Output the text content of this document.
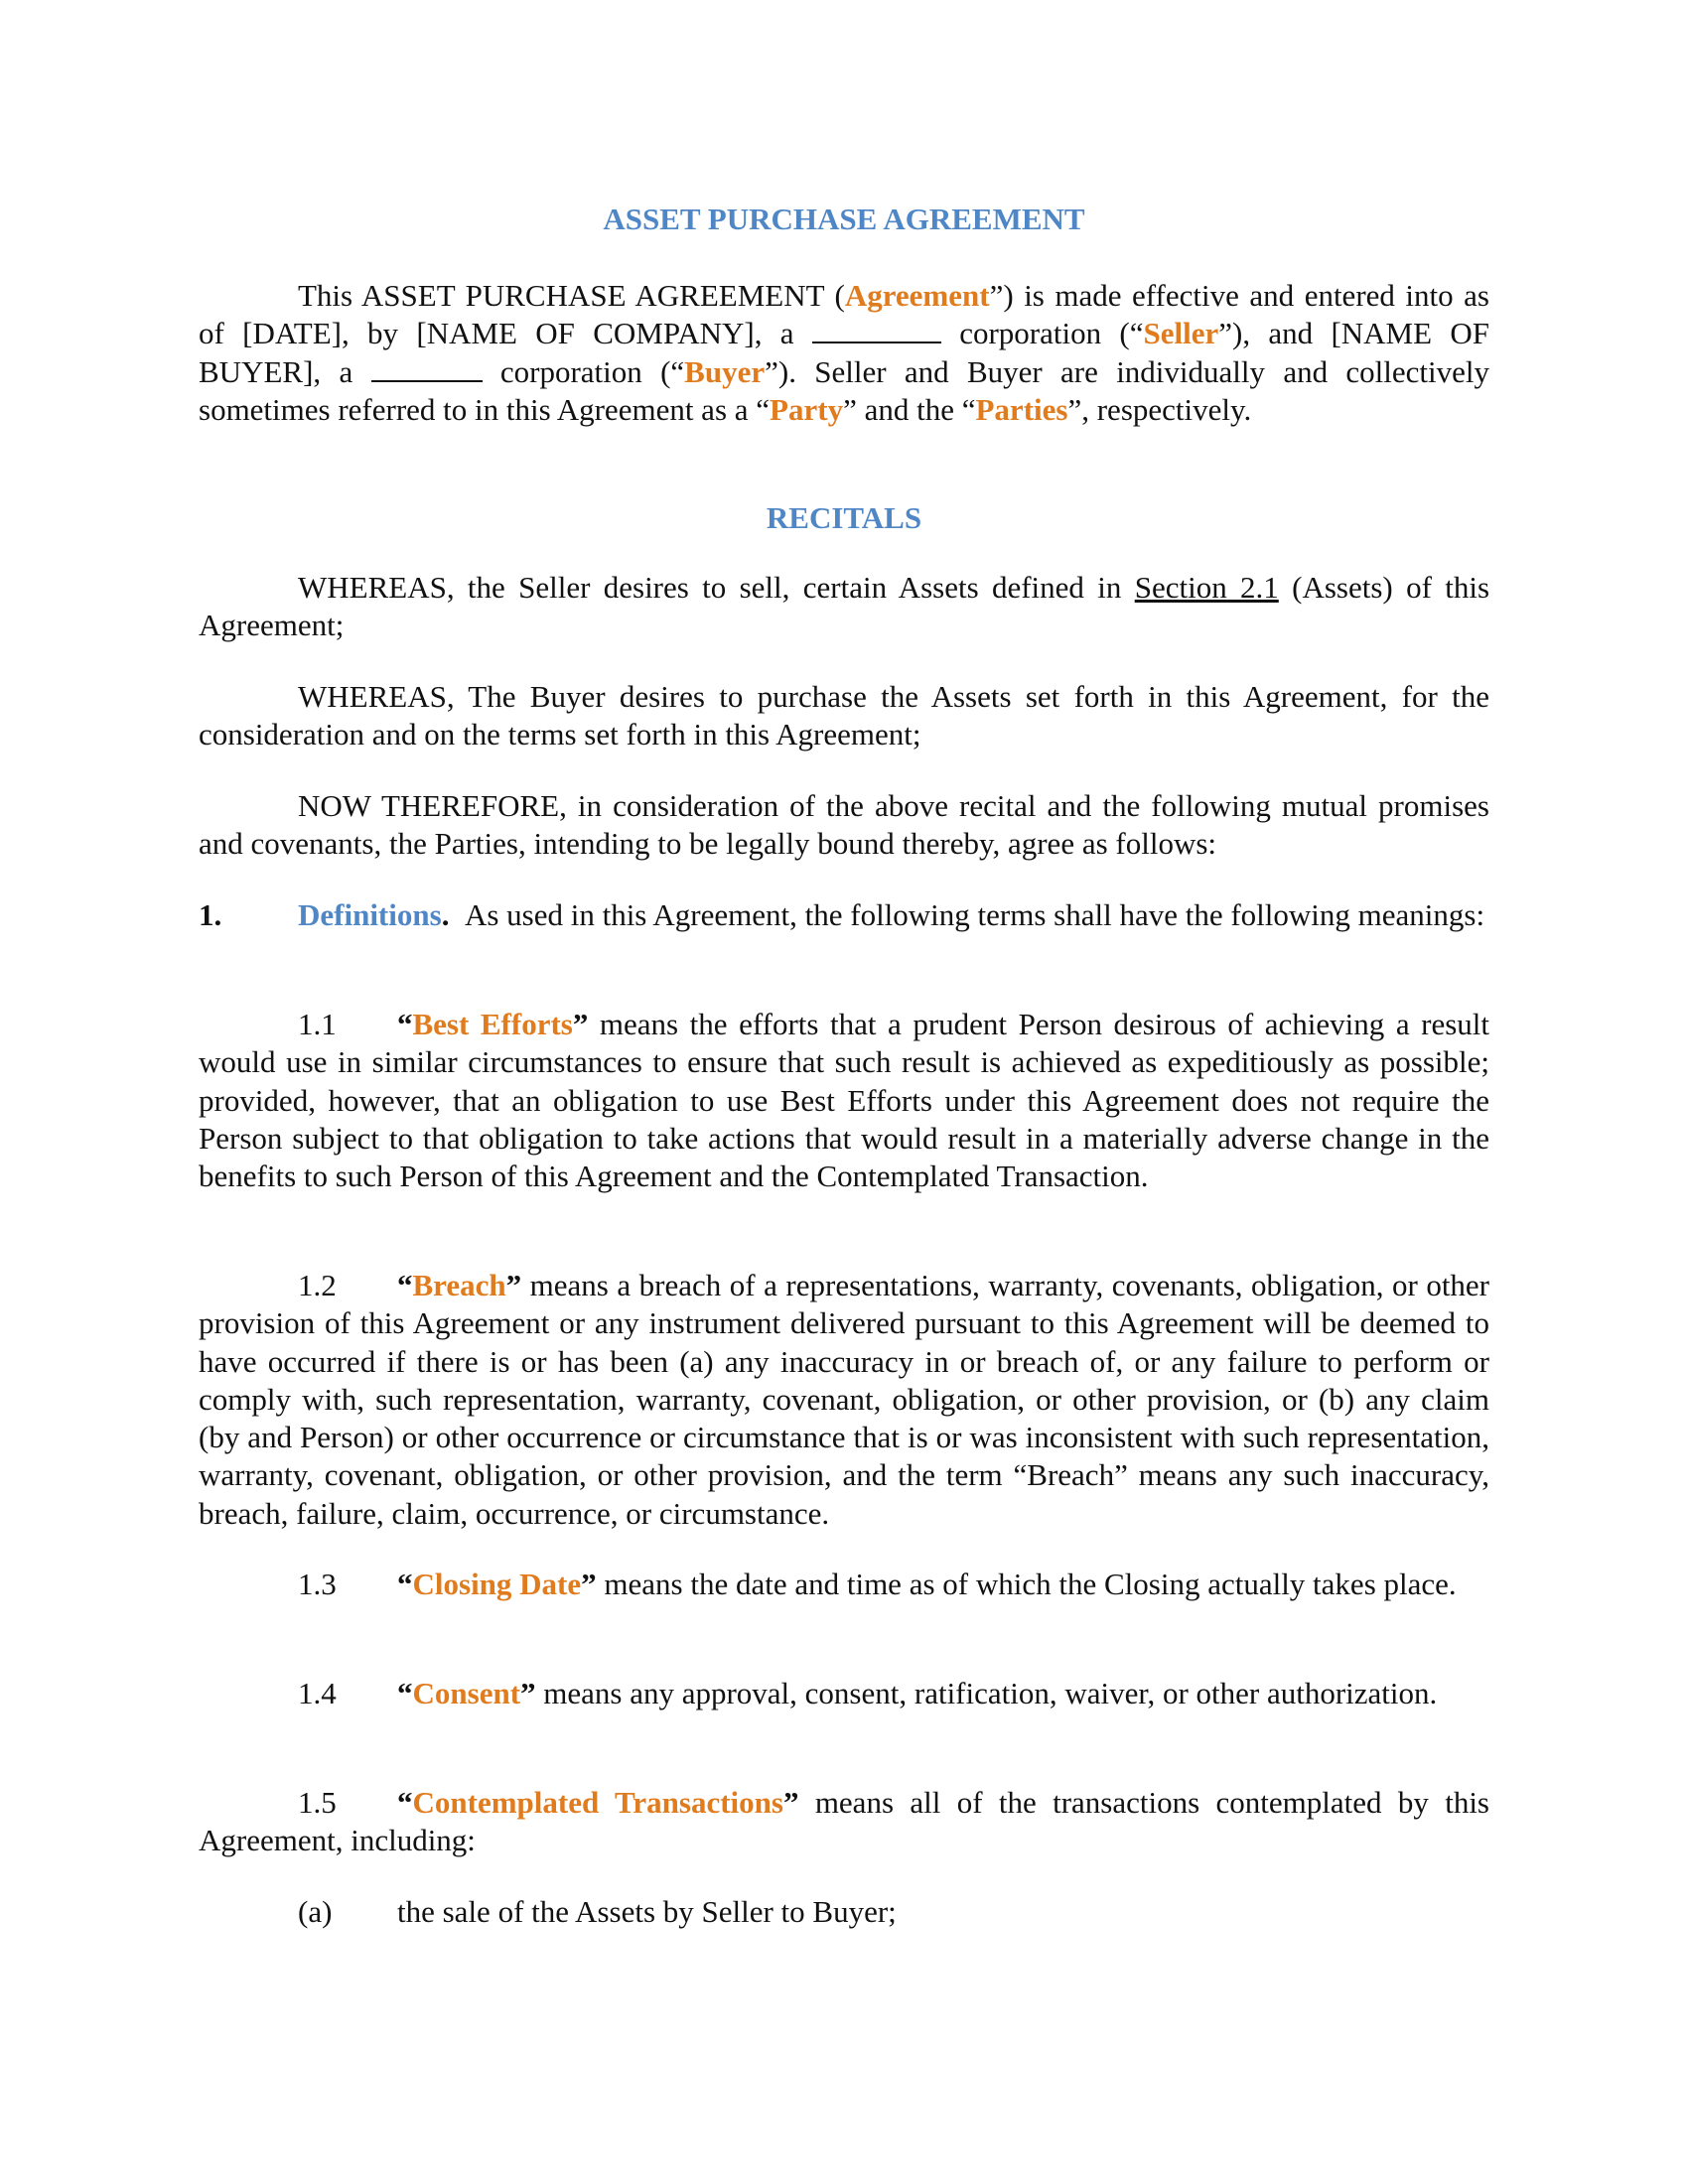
ASSET PURCHASE AGREEMENT
This ASSET PURCHASE AGREEMENT (Agreement”) is made effective and entered into as of [DATE], by [NAME OF COMPANY], a	corporation (“Seller”), and [NAME OF BUYER], a	corporation (“Buyer”). Seller and Buyer are individually and collectively sometimes referred to in this Agreement as a “Party” and the “Parties”, respectively.
RECITALS
WHEREAS, the Seller desires to sell, certain Assets defined in Section 2.1 (Assets) of this Agreement;
WHEREAS, The Buyer desires to purchase the Assets set forth in this Agreement, for the consideration and on the terms set forth in this Agreement;
NOW THEREFORE, in consideration of the above recital and the following mutual promises and covenants, the Parties, intending to be legally bound thereby, agree as follows:
1. Definitions. As used in this Agreement, the following terms shall have the following meanings:
1.1 “Best Efforts” means the efforts that a prudent Person desirous of achieving a result would use in similar circumstances to ensure that such result is achieved as expeditiously as possible; provided, however, that an obligation to use Best Efforts under this Agreement does not require the Person subject to that obligation to take actions that would result in a materially adverse change in the benefits to such Person of this Agreement and the Contemplated Transaction.
1.2 “Breach” means a breach of a representations, warranty, covenants, obligation, or other provision of this Agreement or any instrument delivered pursuant to this Agreement will be deemed to have occurred if there is or has been (a) any inaccuracy in or breach of, or any failure to perform or comply with, such representation, warranty, covenant, obligation, or other provision, or (b) any claim (by and Person) or other occurrence or circumstance that is or was inconsistent with such representation, warranty, covenant, obligation, or other provision, and the term “Breach” means any such inaccuracy, breach, failure, claim, occurrence, or circumstance.
1.3 “Closing Date” means the date and time as of which the Closing actually takes place.
1.4 “Consent” means any approval, consent, ratification, waiver, or other authorization.
1.5 “Contemplated Transactions” means all of the transactions contemplated by this Agreement, including:
(a) the sale of the Assets by Seller to Buyer;
